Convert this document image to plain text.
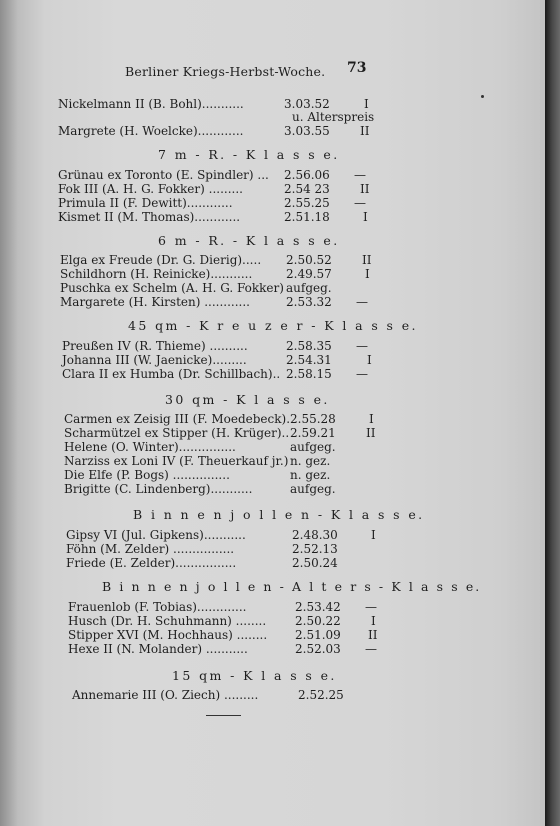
Berliner Kriegs-Herbst-Woche. 73
Nickelmann II (B. Bohl)...........	3.03.52	I
u. Alterspreis
Margrete (H. Woelcke)............	3.03.55	II
7 m - R. - K l a s s e.
Grünau ex Toronto (E. Spindler) ... 2.56.06 —
Fok III (A. H. G. Fokker) .........	2.54 23	II
Primula II (F. Dewitt)............	2.55.25 —
Kismet II (M. Thomas)............	2.51.18	I
6 m - R. - K l a s s e.
Elga ex Freude (Dr. G. Dierig)..... 2.50.52	II
Schildhorn (H. Reinicke)...........	2.49.57	I
Puschka ex Schelm (A. H. G. Fokker) aufgeg.
Margarete (H. Kirsten) ............	2.53.32 —
45 qm - K r e u z e r - K l a s s e.
Preußen IV (R. Thieme) ..........	2.58.35 —
Johanna III (W. Jaenicke).........	2.54.31	I
Clara II ex Humba (Dr. Schillbach).. 2.58.15 —
30 qm - K l a s s e.
Carmen ex Zeisig III (F. Moedebeck). 2.55.28	I
Scharmützel ex Stipper (H. Krüger).. 2.59.21	II
Helene (O. Winter)...............	aufgeg.
Narziss ex Loni IV (F. Theuerkauf jr.) n. gez.
Die Elfe (P. Bogs) ...............	n. gez.
Brigitte (C. Lindenberg)...........	aufgeg.
B i n n e n j o l l e n - K l a s s e.
Gipsy VI (Jul. Gipkens)...........	2.48.30	I
Föhn (M. Zelder) ................	2.52.13
Friede (E. Zelder)................	2.50.24
B i n n e n j o l l e n - A l t e r s - K l a s s e.
Frauenlob (F. Tobias).............	2.53.42 —
Husch (Dr. H. Schuhmann) ........ 2.50.22	I
Stipper XVI (M. Hochhaus) ........ 2.51.09 II
Hexe II (N. Molander) ...........	2.52.03 —
15 qm - K l a s s e.
Annemarie III (O. Ziech) .........	2.52.25
